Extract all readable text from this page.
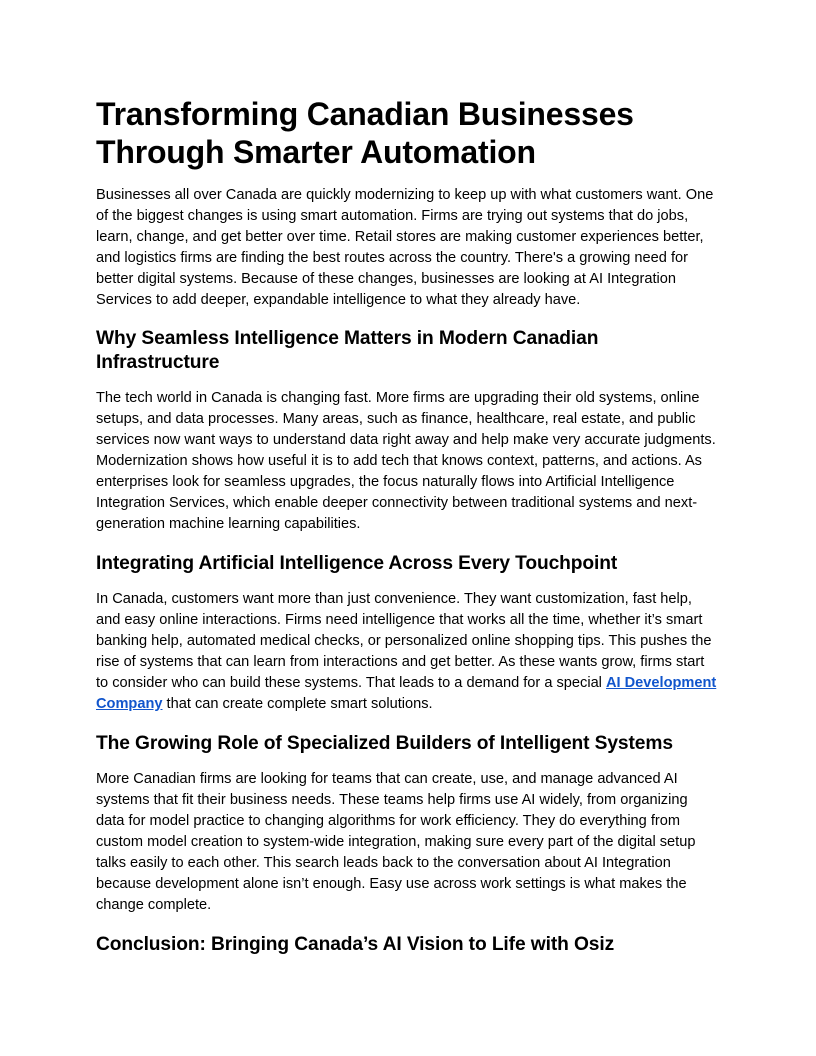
Transforming Canadian Businesses
Through Smarter Automation

Businesses all over Canada are quickly modernizing to keep up with what customers want. One of the biggest changes is using smart automation. Firms are trying out systems that do jobs, learn, change, and get better over time. Retail stores are making customer experiences better, and logistics firms are finding the best routes across the country. There's a growing need for better digital systems. Because of these changes, businesses are looking at AI Integration Services to add deeper, expandable intelligence to what they already have.

Why Seamless Intelligence Matters in Modern Canadian Infrastructure

The tech world in Canada is changing fast. More firms are upgrading their old systems, online setups, and data processes. Many areas, such as finance, healthcare, real estate, and public services now want ways to understand data right away and help make very accurate judgments. Modernization shows how useful it is to add tech that knows context, patterns, and actions. As enterprises look for seamless upgrades, the focus naturally flows into Artificial Intelligence Integration Services, which enable deeper connectivity between traditional systems and next-generation machine learning capabilities.

Integrating Artificial Intelligence Across Every Touchpoint

In Canada, customers want more than just convenience. They want customization, fast help, and easy online interactions. Firms need intelligence that works all the time, whether it’s smart banking help, automated medical checks, or personalized online shopping tips. This pushes the rise of systems that can learn from interactions and get better. As these wants grow, firms start to consider who can build these systems. That leads to a demand for a special AI Development Company that can create complete smart solutions.

The Growing Role of Specialized Builders of Intelligent Systems

More Canadian firms are looking for teams that can create, use, and manage advanced AI systems that fit their business needs. These teams help firms use AI widely, from organizing data for model practice to changing algorithms for work efficiency. They do everything from custom model creation to system-wide integration, making sure every part of the digital setup talks easily to each other. This search leads back to the conversation about AI Integration because development alone isn’t enough. Easy use across work settings is what makes the change complete.

Conclusion: Bringing Canada’s AI Vision to Life with Osiz
